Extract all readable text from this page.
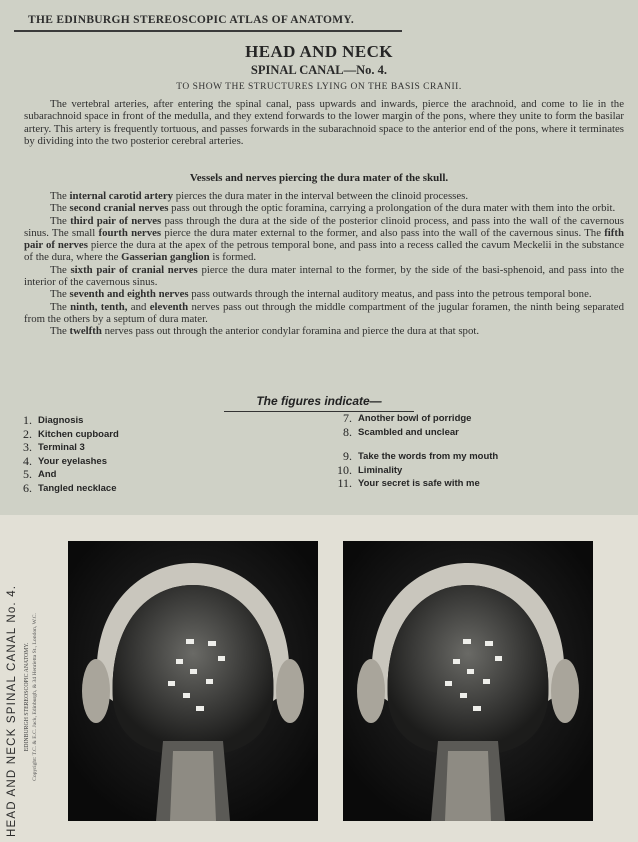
THE EDINBURGH STEREOSCOPIC ATLAS OF ANATOMY.
HEAD AND NECK
SPINAL CANAL—No. 4.
TO SHOW THE STRUCTURES LYING ON THE BASIS CRANII.
The vertebral arteries, after entering the spinal canal, pass upwards and inwards, pierce the arachnoid, and come to lie in the subarachnoid space in front of the medulla, and they extend forwards to the lower margin of the pons, where they unite to form the basilar artery. This artery is frequently tortuous, and passes forwards in the subarachnoid space to the anterior end of the pons, where it terminates by dividing into the two posterior cerebral arteries.
Vessels and nerves piercing the dura mater of the skull.
The internal carotid artery pierces the dura mater in the interval between the clinoid processes.
The second cranial nerves pass out through the optic foramina, carrying a prolongation of the dura mater with them into the orbit.
The third pair of nerves pass through the dura at the side of the posterior clinoid process, and pass into the wall of the cavernous sinus. The small fourth nerves pierce the dura mater external to the former, and also pass into the wall of the cavernous sinus. The fifth pair of nerves pierce the dura at the apex of the petrous temporal bone, and pass into a recess called the cavum Meckelii in the substance of the dura, where the Gasserian ganglion is formed.
The sixth pair of cranial nerves pierce the dura mater internal to the former, by the side of the basi-sphenoid, and pass into the interior of the cavernous sinus.
The seventh and eighth nerves pass outwards through the internal auditory meatus, and pass into the petrous temporal bone.
The ninth, tenth, and eleventh nerves pass out through the middle compartment of the jugular foramen, the ninth being separated from the others by a septum of dura mater.
The twelfth nerves pass out through the anterior condylar foramina and pierce the dura at that spot.
The figures indicate—
1. Diagnosis
2. Kitchen cupboard
3. Terminal 3
4. Your eyelashes
5. And
6. Tangled necklace
7. Another bowl of porridge
8. Scambled and unclear
9. Take the words from my mouth
10. Liminality
11. Your secret is safe with me
HEAD AND NECK SPINAL CANAL No. 4.	EDINBURGH STEREOSCOPIC ANATOMY. Copyright: T.C. & E.C. Jack, Edinburgh, & 34 Henrietta St., London, W.C.
